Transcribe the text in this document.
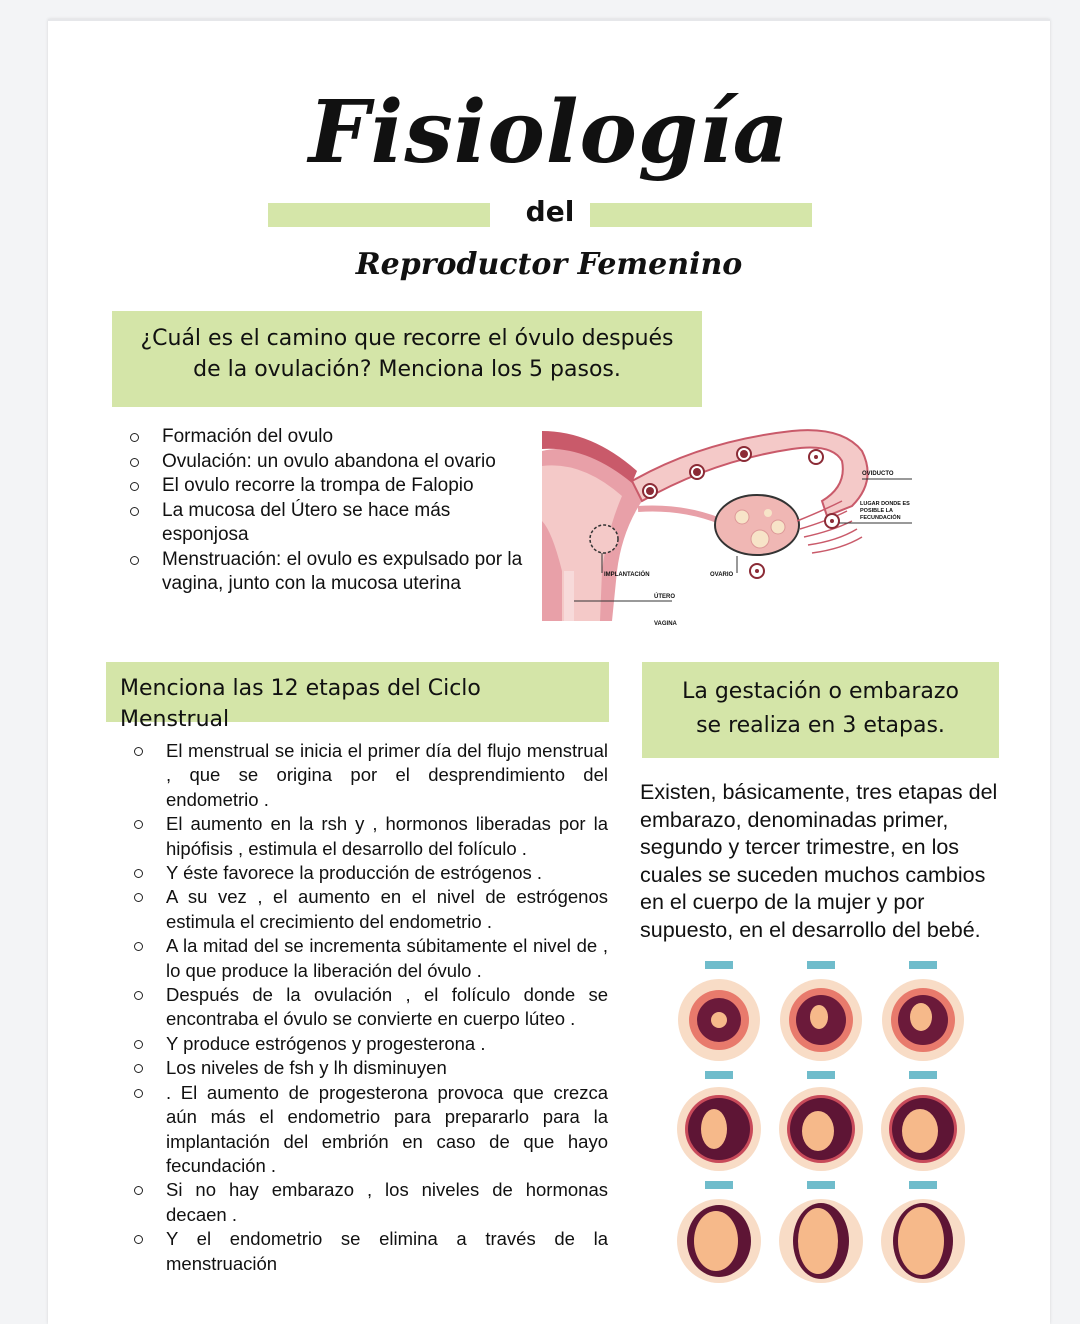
Fisiología
del
Reproductor Femenino
¿Cuál es el camino que recorre el óvulo después de la ovulación? Menciona los 5 pasos.
Formación del ovulo
Ovulación: un ovulo abandona el ovario
El ovulo recorre la trompa de Falopio
La mucosa del Útero se hace más esponjosa
Menstruación: el ovulo es expulsado por la vagina, junto con la mucosa uterina
OVIDUCTO
LUGAR DONDE ES POSIBLE LA FECUNDACIÓN
IMPLANTACIÓN	OVARIO
ÚTERO
VAGINA
Menciona las 12 etapas del Ciclo Menstrual
El menstrual se inicia el primer día del flujo menstrual , que se origina por el desprendimiento del endometrio .
El aumento en la rsh y , hormonos liberadas por la hipófisis , estimula el desarrollo del folículo .
Y éste favorece la producción de estrógenos .
A su vez , el aumento en el nivel de estrógenos estimula el crecimiento del endometrio .
A la mitad del se incrementa súbitamente el nivel de , lo que produce la liberación del óvulo .
Después de la ovulación , el folículo donde se encontraba el óvulo se convierte en cuerpo lúteo .
Y produce estrógenos y progesterona .
Los niveles de fsh y lh disminuyen
. El aumento de progesterona provoca que crezca aún más el endometrio para prepararlo para la implantación del embrión en caso de que hayo fecundación .
Si no hay embarazo , los niveles de hormonas decaen .
Y el endometrio se elimina a través de la menstruación
La gestación o embarazo se realiza en 3 etapas.
Existen, básicamente, tres etapas del embarazo, denominadas primer, segundo y tercer trimestre, en los cuales se suceden muchos cambios en el cuerpo de la mujer y por supuesto, en el desarrollo del bebé.
